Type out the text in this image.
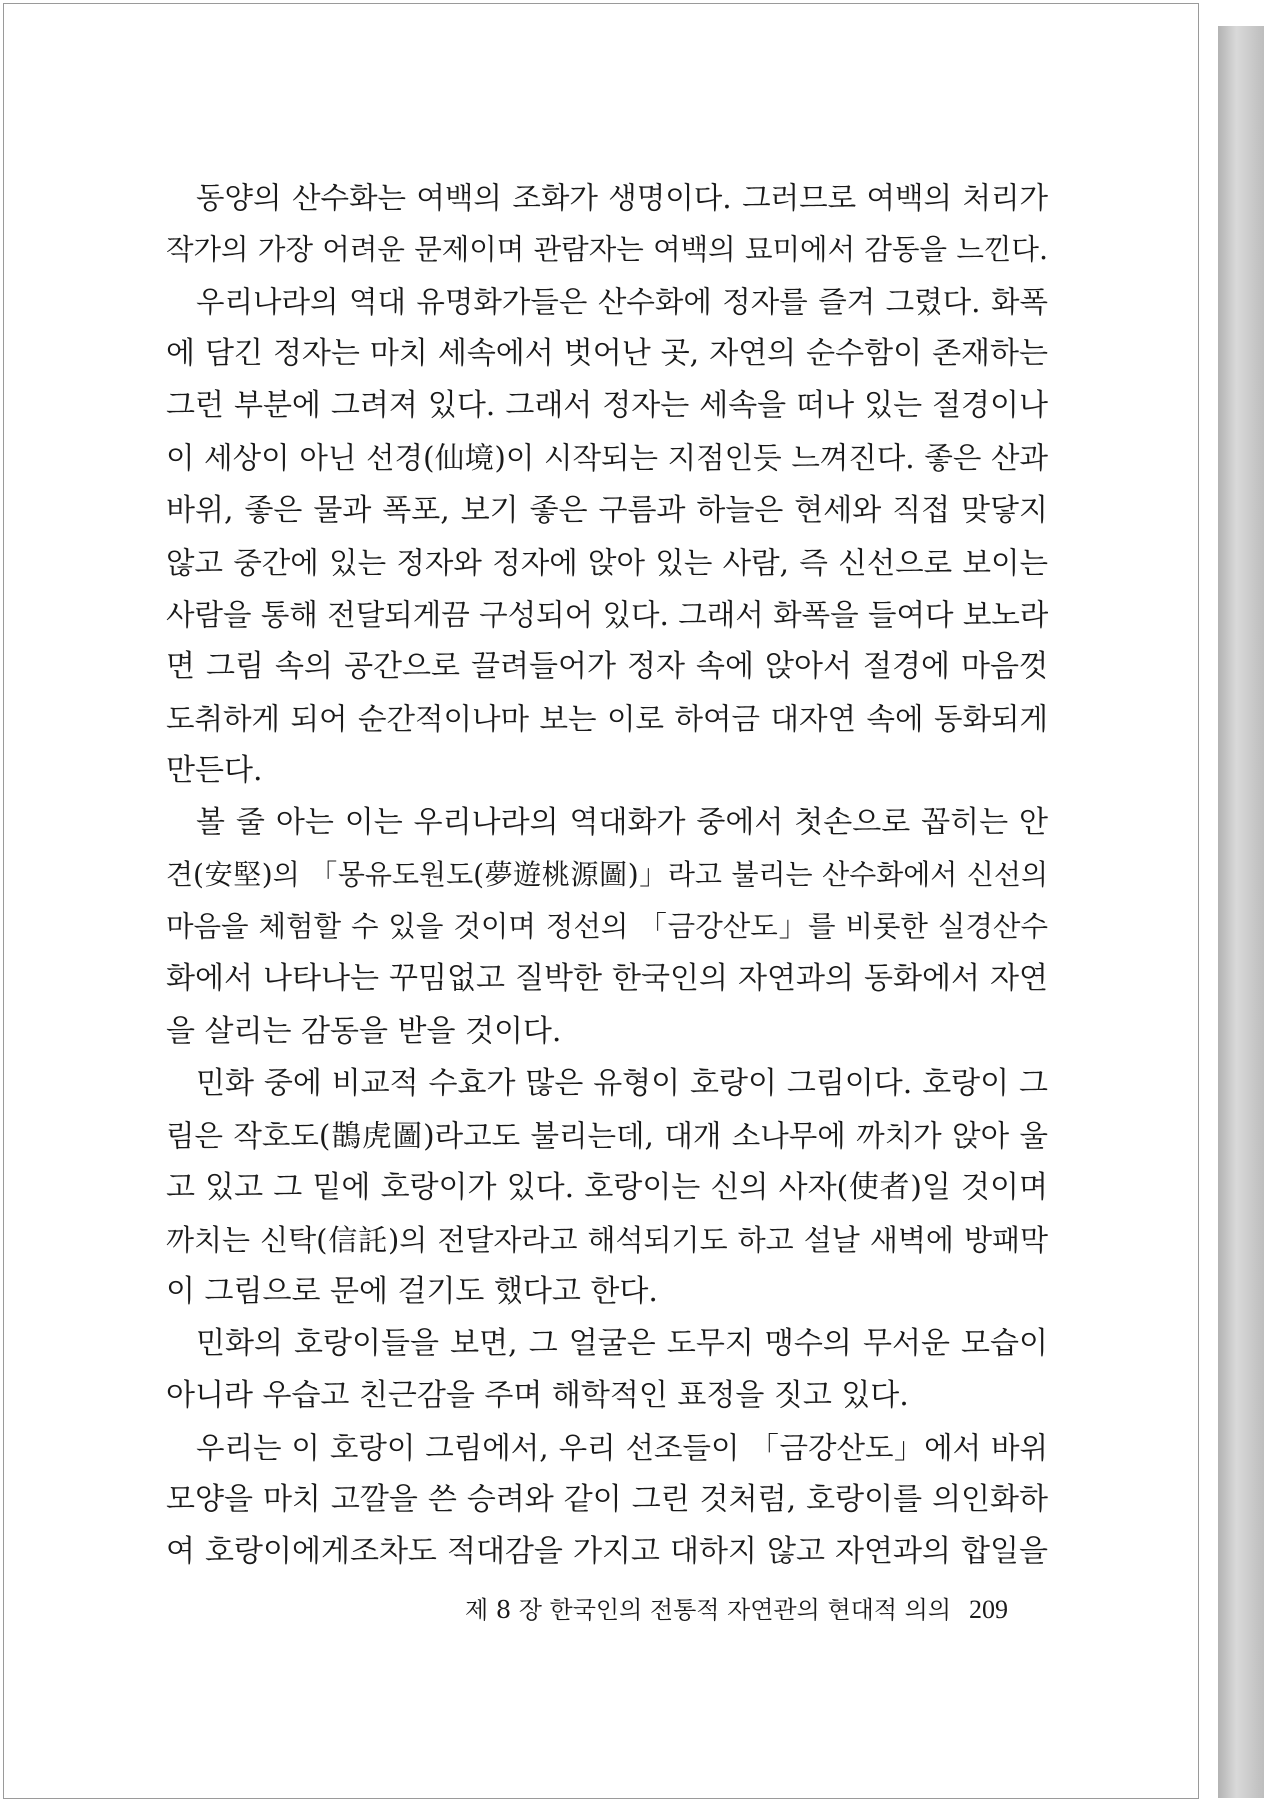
동양의 산수화는 여백의 조화가 생명이다. 그러므로 여백의 처리가
작가의 가장 어려운 문제이며 관람자는 여백의 묘미에서 감동을 느낀다.
우리나라의 역대 유명화가들은 산수화에 정자를 즐겨 그렸다. 화폭
에 담긴 정자는 마치 세속에서 벗어난 곳, 자연의 순수함이 존재하는
그런 부분에 그려져 있다. 그래서 정자는 세속을 떠나 있는 절경이나
이 세상이 아닌 선경(仙境)이 시작되는 지점인듯 느껴진다. 좋은 산과
바위, 좋은 물과 폭포, 보기 좋은 구름과 하늘은 현세와 직접 맞닿지
않고 중간에 있는 정자와 정자에 앉아 있는 사람, 즉 신선으로 보이는
사람을 통해 전달되게끔 구성되어 있다. 그래서 화폭을 들여다 보노라
면 그림 속의 공간으로 끌려들어가 정자 속에 앉아서 절경에 마음껏
도취하게 되어 순간적이나마 보는 이로 하여금 대자연 속에 동화되게
만든다.
볼 줄 아는 이는 우리나라의 역대화가 중에서 첫손으로 꼽히는 안
견(安堅)의 「몽유도원도(夢遊桃源圖)」라고 불리는 산수화에서 신선의
마음을 체험할 수 있을 것이며 정선의 「금강산도」를 비롯한 실경산수
화에서 나타나는 꾸밈없고 질박한 한국인의 자연과의 동화에서 자연
을 살리는 감동을 받을 것이다.
민화 중에 비교적 수효가 많은 유형이 호랑이 그림이다. 호랑이 그
림은 작호도(鵲虎圖)라고도 불리는데, 대개 소나무에 까치가 앉아 울
고 있고 그 밑에 호랑이가 있다. 호랑이는 신의 사자(使者)일 것이며
까치는 신탁(信託)의 전달자라고 해석되기도 하고 설날 새벽에 방패막
이 그림으로 문에 걸기도 했다고 한다.
민화의 호랑이들을 보면, 그 얼굴은 도무지 맹수의 무서운 모습이
아니라 우습고 친근감을 주며 해학적인 표정을 짓고 있다.
우리는 이 호랑이 그림에서, 우리 선조들이 「금강산도」에서 바위
모양을 마치 고깔을 쓴 승려와 같이 그린 것처럼, 호랑이를 의인화하
여 호랑이에게조차도 적대감을 가지고 대하지 않고 자연과의 합일을
제 8 장 한국인의 전통적 자연관의 현대적 의의 209
